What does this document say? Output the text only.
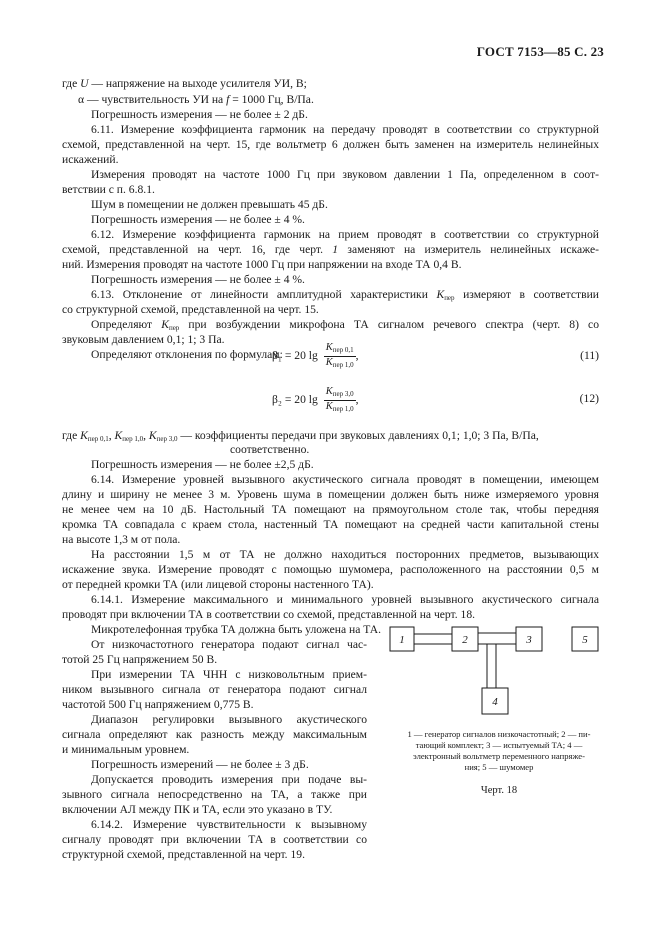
ГОСТ 7153—85 С. 23
где U — напряжение на выходе усилителя УИ, В;
α — чувствительность УИ на f = 1000 Гц, В/Па.
Погрешность измерения — не более ± 2 дБ.
6.11. Измерение коэффициента гармоник на передачу проводят в соответствии со структурной
схемой, представленной на черт. 15, где вольтметр 6 должен быть заменен на измеритель нелинейных
искажений.
Измерения проводят на частоте 1000 Гц при звуковом давлении 1 Па, определенном в соот-
ветствии с п. 6.8.1.
Шум в помещении не должен превышать 45 дБ.
Погрешность измерения — не более ± 4 %.
6.12. Измерение коэффициента гармоник на прием проводят в соответствии со структурной
схемой, представленной на черт. 16, где черт. 1 заменяют на измеритель нелинейных искаже-
ний. Измерения проводят на частоте 1000 Гц при напряжении на входе ТА 0,4 В.
Погрешность измерения — не более ± 4 %.
6.13. Отклонение от линейности амплитудной характеристики $K_{пер}$ измеряют в соответствии
со структурной схемой, представленной на черт. 15.
Определяют $K_{пер}$ при возбуждении микрофона ТА сигналом речевого спектра (черт. 8) со
звуковым давлением 0,1; 1; 3 Па.
Определяют отклонения по формулам:
β₁ = 20 $\lg \frac{K_{пер 0,1}}{K_{пер 1,0}}$ ,	(11)
β₂ = 20 $\lg \frac{K_{пер 3,0}}{K_{пер 1,0}}$ ,	(12)
где $K_{пер 0,1}$, $K_{пер 1,0}$, $K_{пер 3,0}$ — коэффициенты передачи при звуковых давлениях 0,1; 1,0; 3 Па, В/Па,
соответственно.
Погрешность измерения — не более ±2,5 дБ.
6.14. Измерение уровней вызывного акустического сигнала проводят в помещении, имеющем
длину и ширину не менее 3 м. Уровень шума в помещении должен быть ниже измеряемого уровня
не менее чем на 10 дБ. Настольный ТА помещают на прямоугольном столе так, чтобы передняя
кромка ТА совпадала с краем стола, настенный ТА помещают на средней части капитальной стены
на высоте 1,3 м от пола.
На расстоянии 1,5 м от ТА не должно находиться посторонних предметов, вызывающих
искажение звука. Измерение проводят с помощью шумомера, расположенного на расстоянии 0,5 м
от передней кромки ТА (или лицевой стороны настенного ТА).
6.14.1. Измерение максимального и минимального уровней вызывного акустического сигнала
проводят при включении ТА в соответствии со схемой, представленной на черт. 18.
Микротелефонная трубка ТА должна быть уложена на ТА.
От низкочастотного генератора подают сигнал час-
тотой 25 Гц напряжением 50 В.
При измерении ТА ЧНН с низковольтным прием-
ником вызывного сигнала от генератора подают сигнал
частотой 500 Гц напряжением 0,775 В.
Диапазон регулировки вызывного акустического
сигнала определяют как разность между максимальным
и минимальным уровнем.
Погрешность измерений — не более ± 3 дБ.
Допускается проводить измерения при подаче вы-
зывного сигнала непосредственно на ТА, а также при
включении АЛ между ПК и ТА, если это указано в ТУ.
6.14.2. Измерение чувствительности к вызывному
сигналу проводят при включении ТА в соответствии со
структурной схемой, представленной на черт. 19.
1	2	3	5
4
1 — генератор сигналов низкочастотный; 2 — пи-
тающий комплект; 3 — испытуемый ТА; 4 —
электронный вольтметр переменного напряже-
ния; 5 — шумомер
Черт. 18
